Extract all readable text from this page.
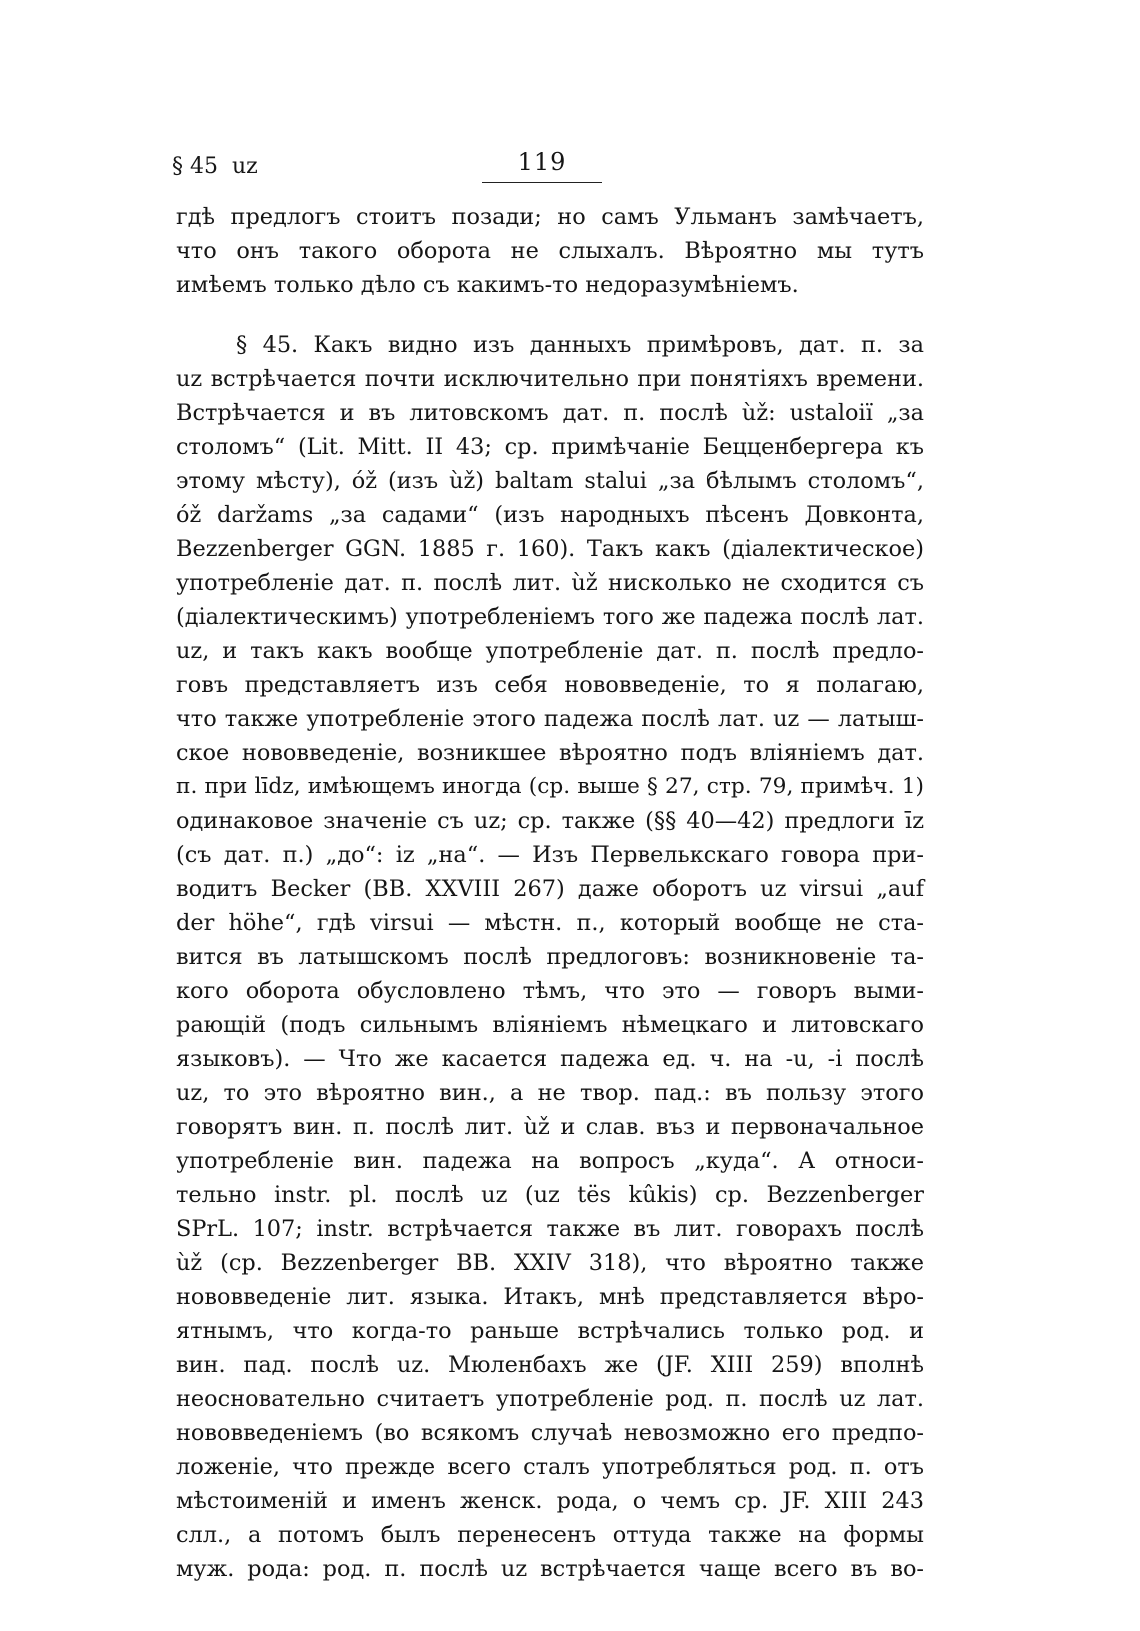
§ 45 uz	119
гдѣ предлогъ стоитъ позади; но самъ Ульманъ замѣчаетъ,
что онъ такого оборота не слыхалъ. Вѣроятно мы тутъ
имѣемъ только дѣло съ какимъ-то недоразумѣніемъ.
§ 45. Какъ видно изъ данныхъ примѣровъ, дат. п. за
uz встрѣчается почти исключительно при понятіяхъ времени.
Встрѣчается и въ литовскомъ дат. п. послѣ ùž: ustaloiï „за
столомъ“ (Lit. Mitt. II 43; ср. примѣчаніе Бецценбергера къ
этому мѣсту), óž (изъ ùž) baltam stalui „за бѣлымъ столомъ“,
óž daržams „за садами“ (изъ народныхъ пѣсенъ Довконта,
Bezzenberger GGN. 1885 г. 160). Такъ какъ (діалектическое)
употребленіе дат. п. послѣ лит. ùž нисколько не сходится съ
(діалектическимъ) употребленіемъ того же падежа послѣ лат.
uz, и такъ какъ вообще употребленіе дат. п. послѣ предло-
говъ представляетъ изъ себя нововведеніе, то я полагаю,
что также употребленіе этого падежа послѣ лат. uz — латыш-
ское нововведеніе, возникшее вѣроятно подъ вліяніемъ дат.
п. при līdz, имѣющемъ иногда (ср. выше § 27, стр. 79, примѣч. 1)
одинаковое значеніе съ uz; ср. также (§§ 40—42) предлоги īz
(съ дат. п.) „до“: iz „на“. — Изъ Первелькскаго говора при-
водитъ Becker (BB. XXVIII 267) даже оборотъ uz virsui „auf
der höhe“, гдѣ virsui — мѣстн. п., который вообще не ста-
вится въ латышскомъ послѣ предлоговъ: возникновеніе та-
кого оборота обусловлено тѣмъ, что это — говоръ выми-
рающій (подъ сильнымъ вліяніемъ нѣмецкаго и литовскаго
языковъ). — Что же касается падежа ед. ч. на -u, -i послѣ
uz, то это вѣроятно вин., а не твор. пад.: въ пользу этого
говорятъ вин. п. послѣ лит. ùž и слав. въз и первоначальное
употребленіе вин. падежа на вопросъ „куда“. А относи-
тельно instr. pl. послѣ uz (uz tës kûkis) ср. Bezzenberger
SPrL. 107; instr. встрѣчается также въ лит. говорахъ послѣ
ùž (ср. Bezzenberger BB. XXIV 318), что вѣроятно также
нововведеніе лит. языка. Итакъ, мнѣ представляется вѣро-
ятнымъ, что когда-то раньше встрѣчались только род. и
вин. пад. послѣ uz. Мюленбахъ же (JF. XIII 259) вполнѣ
неосновательно считаетъ употребленіе род. п. послѣ uz лат.
нововведеніемъ (во всякомъ случаѣ невозможно его предпо-
ложеніе, что прежде всего сталъ употребляться род. п. отъ
мѣстоименій и именъ женск. рода, о чемъ ср. JF. XIII 243
слл., а потомъ былъ перенесенъ оттуда также на формы
муж. рода: род. п. послѣ uz встрѣчается чаще всего въ во-
